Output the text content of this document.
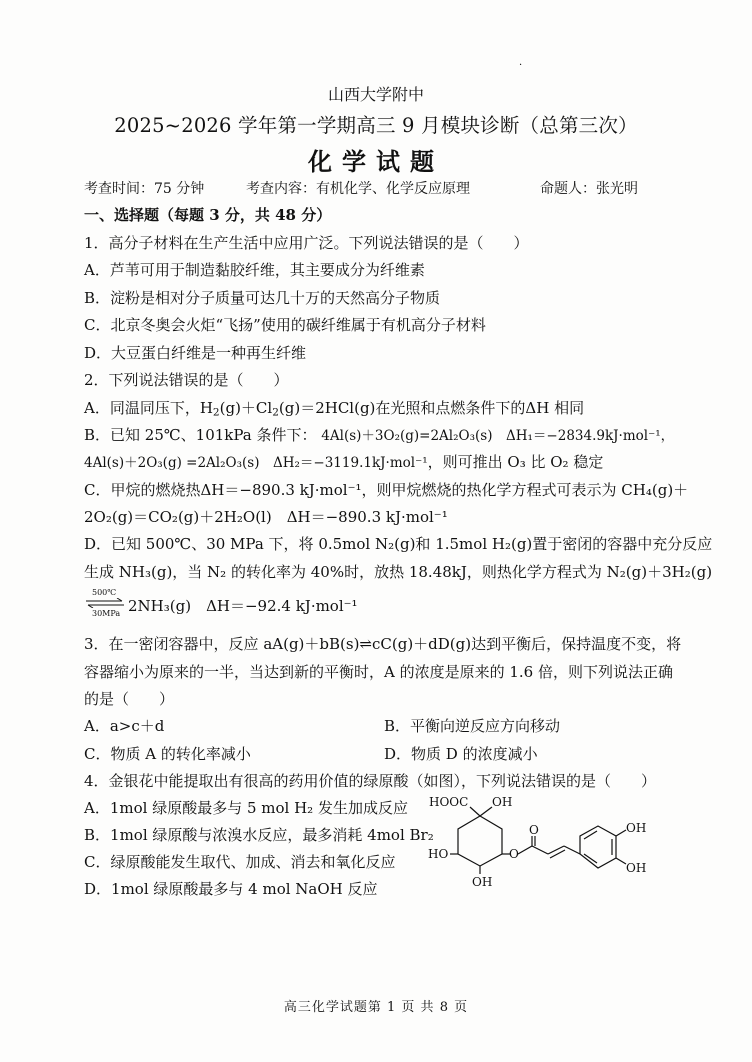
·
山西大学附中
2025~2026 学年第一学期高三 9 月模块诊断（总第三次）
化学试题
考查时间：75 分钟	考查内容：有机化学、化学反应原理	命题人：张光明
一、选择题（每题 3 分，共 48 分）
1．高分子材料在生产生活中应用广泛。下列说法错误的是（　　）
A．芦苇可用于制造黏胶纤维，其主要成分为纤维素
B．淀粉是相对分子质量可达几十万的天然高分子物质
C．北京冬奥会火炬“飞扬”使用的碳纤维属于有机高分子材料
D．大豆蛋白纤维是一种再生纤维
2．下列说法错误的是（　　）
A．同温同压下，$H_2(g)+Cl_2(g)=2HCl(g)$在光照和点燃条件下的ΔH 相同
B．已知 25℃、101kPa 条件下： 4Al(s)＋3O₂(g)=2Al₂O₃(s)　ΔH₁＝−2834.9kJ·mol⁻¹，
4Al(s)＋2O₃(g) =2Al₂O₃(s)　ΔH₂＝−3119.1kJ·mol⁻¹，则可推出 O₃ 比 O₂ 稳定
C．甲烷的燃烧热ΔH＝−890.3 kJ·mol⁻¹，则甲烷燃烧的热化学方程式可表示为 CH₄(g)＋
2O₂(g)＝CO₂(g)＋2H₂O(l)　ΔH＝−890.3 kJ·mol⁻¹
D．已知 500℃、30 MPa 下，将 0.5mol N₂(g)和 1.5mol H₂(g)置于密闭的容器中充分反应
生成 NH₃(g)，当 N₂ 的转化率为 40%时，放热 18.48kJ，则热化学方程式为 N₂(g)＋3H₂(g)
500℃
30MPa 2NH₃(g)　ΔH＝−92.4 kJ·mol⁻¹
3．在一密闭容器中，反应 aA(g)＋bB(s)⇌cC(g)＋dD(g)达到平衡后，保持温度不变，将
容器缩小为原来的一半，当达到新的平衡时，A 的浓度是原来的 1.6 倍，则下列说法正确
的是（　　）
A．a>c＋d	B．平衡向逆反应方向移动
C．物质 A 的转化率减小	D．物质 D 的浓度减小
4．金银花中能提取出有很高的药用价值的绿原酸（如图），下列说法错误的是（　　）
A．1mol 绿原酸最多与 5 mol H₂ 发生加成反应
B．1mol 绿原酸与浓溴水反应，最多消耗 4mol Br₂
C．绿原酸能发生取代、加成、消去和氧化反应
D．1mol 绿原酸最多与 4 mol NaOH 反应
HOOC OH
HO
OH
O
O	OH
OH
高三化学试题第 1 页 共 8 页
